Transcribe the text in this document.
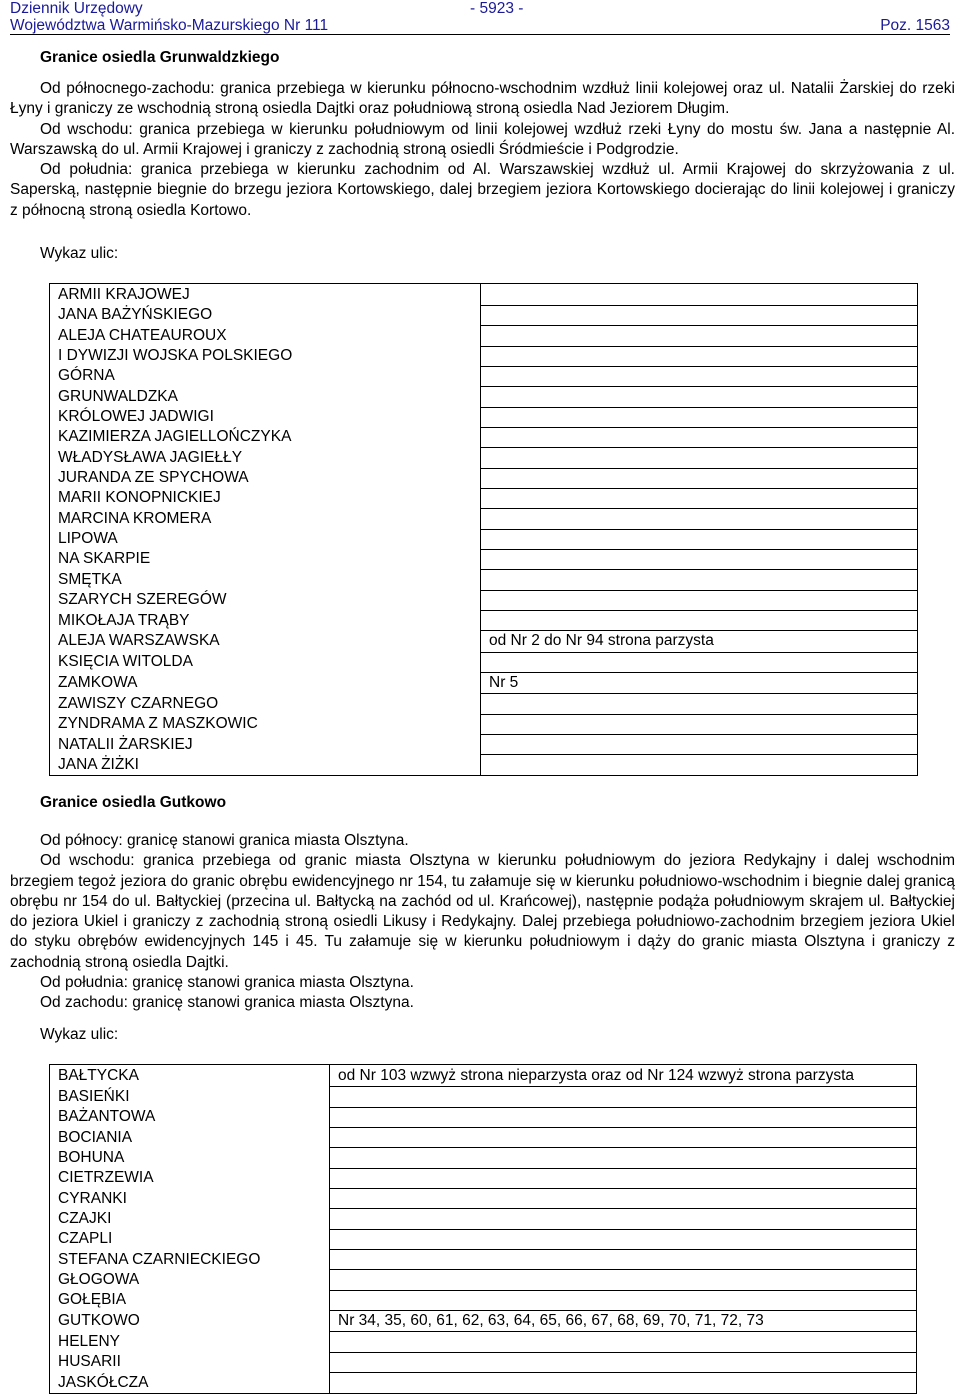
Dziennik Urzędowy	- 5923 -
Województwa Warmińsko-Mazurskiego Nr 111	Poz. 1563
Granice osiedla Grunwaldzkiego

Od północnego-zachodu: granica przebiega w kierunku północno-wschodnim wzdłuż linii kolejowej oraz ul. Natalii Żarskiej do rzeki Łyny i graniczy ze wschodnią stroną osiedla Dajtki oraz południową stroną osiedla Nad Jeziorem Długim.

Od wschodu: granica przebiega w kierunku południowym od linii kolejowej wzdłuż rzeki Łyny do mostu św. Jana a następnie Al. Warszawską do ul. Armii Krajowej i graniczy z zachodnią stroną osiedli Śródmieście i Podgrodzie.

Od południa: granica przebiega w kierunku zachodnim od Al. Warszawskiej wzdłuż ul. Armii Krajowej do skrzyżowania z ul. Saperską, następnie biegnie do brzegu jeziora Kortowskiego, dalej brzegiem jeziora Kortowskiego docierając do linii kolejowej i graniczy z północną stroną osiedla Kortowo.

Wykaz ulic:
ARMII KRAJOWEJ	
JANA BAŻYŃSKIEGO	
ALEJA CHATEAUROUX	
I DYWIZJI WOJSKA POLSKIEGO	
GÓRNA	
GRUNWALDZKA	
KRÓLOWEJ JADWIGI	
KAZIMIERZA JAGIELLOŃCZYKA	
WŁADYSŁAWA JAGIEŁŁY	
JURANDA ZE SPYCHOWA	
MARII KONOPNICKIEJ	
MARCINA KROMERA	
LIPOWA	
NA SKARPIE	
SMĘTKA	
SZARYCH SZEREGÓW	
MIKOŁAJA TRĄBY	
ALEJA WARSZAWSKA	od Nr 2 do Nr 94 strona parzysta
KSIĘCIA WITOLDA	
ZAMKOWA	Nr 5
ZAWISZY CZARNEGO	
ZYNDRAMA Z MASZKOWIC	
NATALII ŻARSKIEJ	
JANA ŻIŻKI	
Granice osiedla Gutkowo

Od północy: granicę stanowi granica miasta Olsztyna.

Od wschodu: granica przebiega od granic miasta Olsztyna w kierunku południowym do jeziora Redykajny i dalej wschodnim brzegiem tegoż jeziora do granic obrębu ewidencyjnego nr 154, tu załamuje się w kierunku południowo-wschodnim i biegnie dalej granicą obrębu nr 154 do ul. Bałtyckiej (przecina ul. Bałtycką na zachód od ul. Krańcowej), następnie podąża południowym skrajem ul. Bałtyckiej do jeziora Ukiel i graniczy z zachodnią stroną osiedli Likusy i Redykajny. Dalej przebiega południowo-zachodnim brzegiem jeziora Ukiel do styku obrębów ewidencyjnych 145 i 45. Tu załamuje się w kierunku południowym i dąży do granic miasta Olsztyna i graniczy z zachodnią stroną osiedla Dajtki.

Od południa: granicę stanowi granica miasta Olsztyna.

Od zachodu: granicę stanowi granica miasta Olsztyna.

Wykaz ulic:
BAŁTYCKA	od Nr 103 wzwyż strona nieparzysta oraz od Nr 124 wzwyż strona parzysta
BASIEŃKI	
BAŻANTOWA	
BOCIANIA	
BOHUNA	
CIETRZEWIA	
CYRANKI	
CZAJKI	
CZAPLI	
STEFANA CZARNIECKIEGO	
GŁOGOWA	
GOŁĘBIA	
GUTKOWO	Nr 34, 35, 60, 61, 62, 63, 64, 65, 66, 67, 68, 69, 70, 71, 72, 73
HELENY	
HUSARII	
JASKÓŁCZA	
